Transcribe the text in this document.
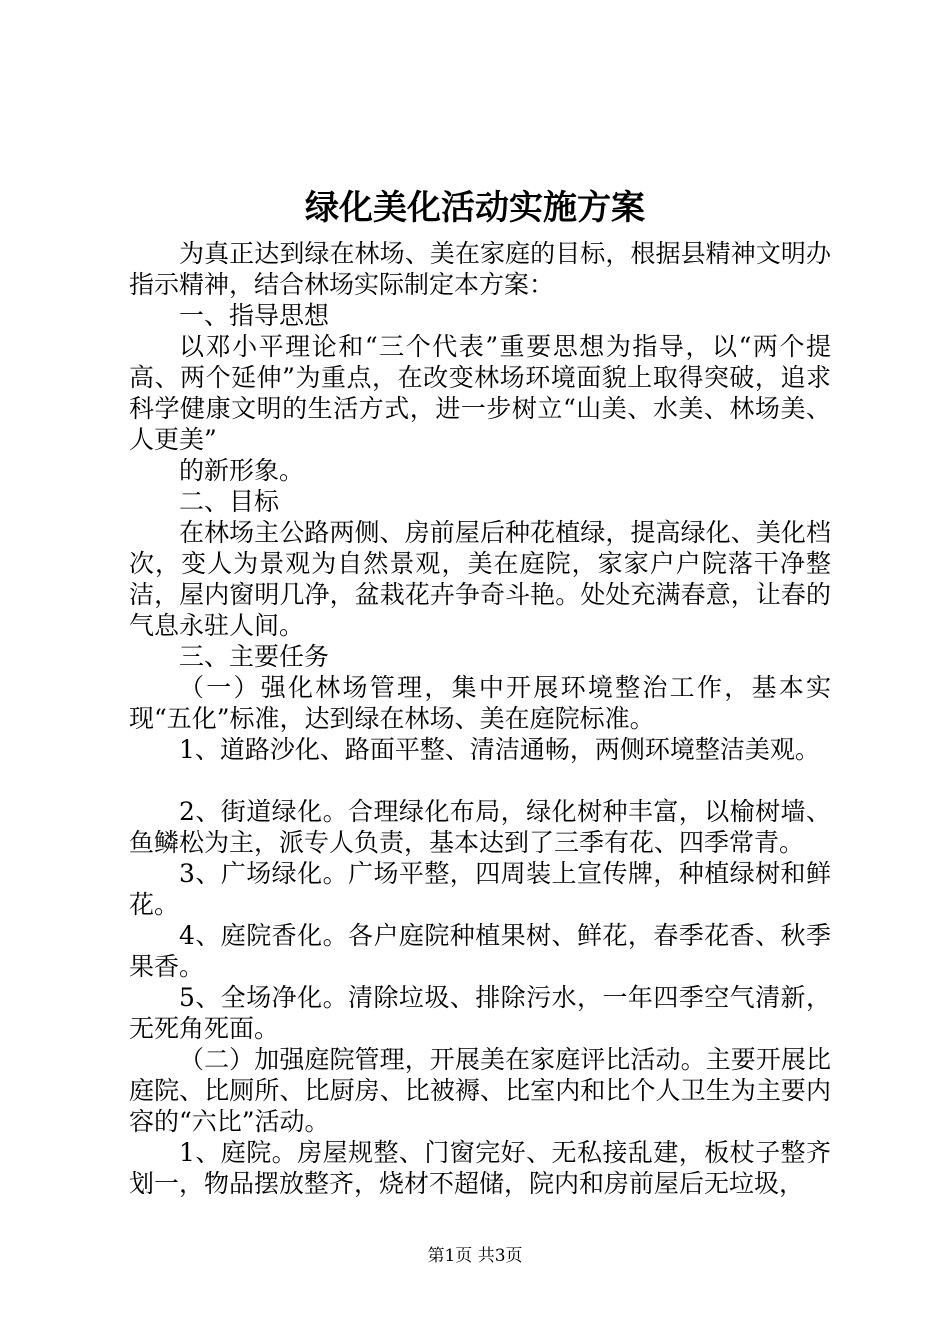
绿化美化活动实施方案

为真正达到绿在林场、美在家庭的目标，根据县精神文明办指示精神，结合林场实际制定本方案：

一、指导思想

以邓小平理论和“三个代表”重要思想为指导，以“两个提高、两个延伸”为重点，在改变林场环境面貌上取得突破，追求科学健康文明的生活方式，进一步树立“山美、水美、林场美、人更美”

的新形象。

二、目标

在林场主公路两侧、房前屋后种花植绿，提高绿化、美化档次，变人为景观为自然景观，美在庭院，家家户户院落干净整洁，屋内窗明几净，盆栽花卉争奇斗艳。处处充满春意，让春的气息永驻人间。

三、主要任务

（一）强化林场管理，集中开展环境整治工作，基本实现“五化”标准，达到绿在林场、美在庭院标准。

1、道路沙化、路面平整、清洁通畅，两侧环境整洁美观。

2、街道绿化。合理绿化布局，绿化树种丰富，以榆树墙、鱼鳞松为主，派专人负责，基本达到了三季有花、四季常青。

3、广场绿化。广场平整，四周装上宣传牌，种植绿树和鲜花。

4、庭院香化。各户庭院种植果树、鲜花，春季花香、秋季果香。

5、全场净化。清除垃圾、排除污水，一年四季空气清新，无死角死面。

（二）加强庭院管理，开展美在家庭评比活动。主要开展比庭院、比厕所、比厨房、比被褥、比室内和比个人卫生为主要内容的“六比”活动。

1、庭院。房屋规整、门窗完好、无私接乱建，板杖子整齐划一，物品摆放整齐，烧材不超储，院内和房前屋后无垃圾，

第1页 共3页
